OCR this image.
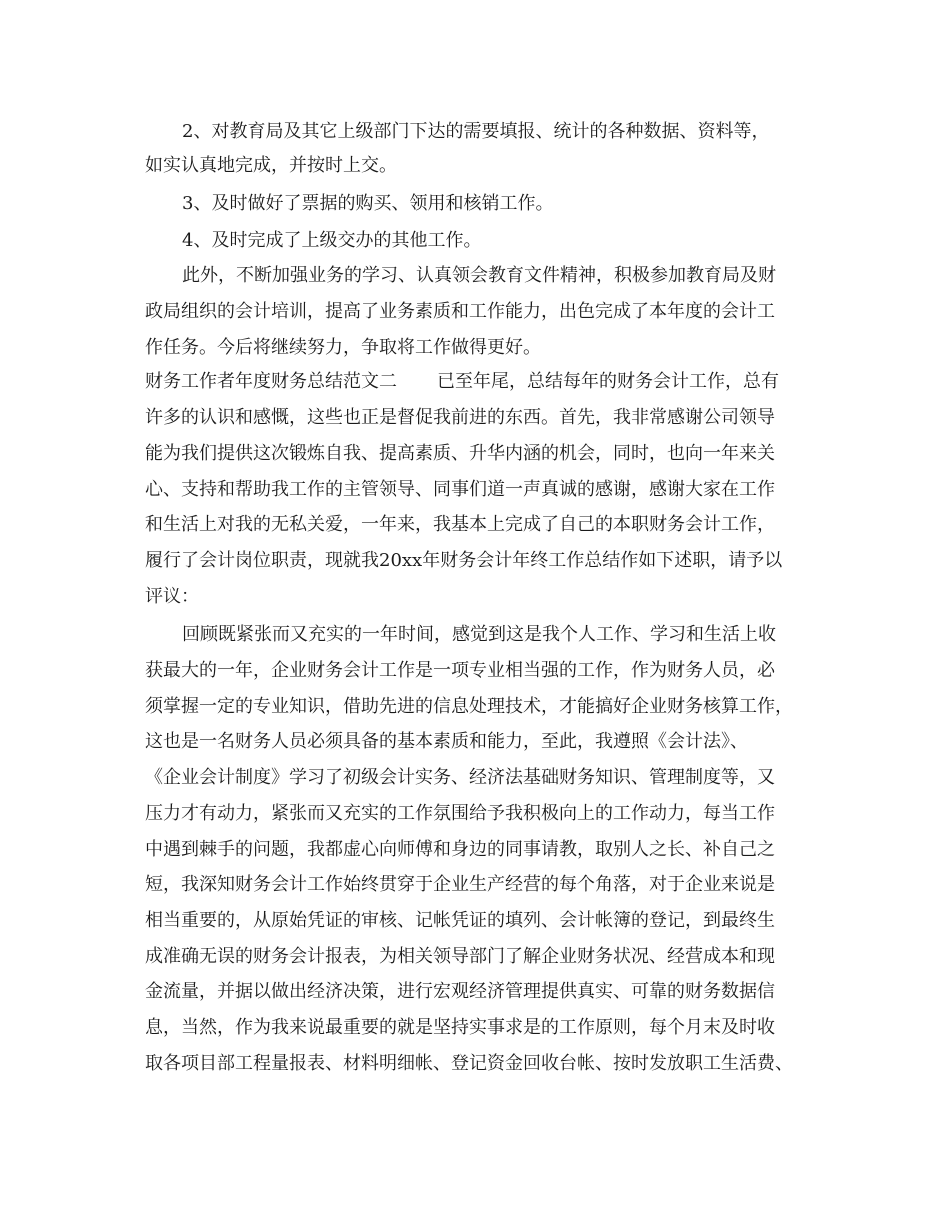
2、对教育局及其它上级部门下达的需要填报、统计的各种数据、资料等，

如实认真地完成，并按时上交。

3、及时做好了票据的购买、领用和核销工作。

4、及时完成了上级交办的其他工作。

此外，不断加强业务的学习、认真领会教育文件精神，积极参加教育局及财

政局组织的会计培训，提高了业务素质和工作能力，出色完成了本年度的会计工

作任务。今后将继续努力，争取将工作做得更好。

财务工作者年度财务总结范文二 已至年尾，总结每年的财务会计工作，总有

许多的认识和感慨，这些也正是督促我前进的东西。首先，我非常感谢公司领导

能为我们提供这次锻炼自我、提高素质、升华内涵的机会，同时，也向一年来关

心、支持和帮助我工作的主管领导、同事们道一声真诚的感谢，感谢大家在工作

和生活上对我的无私关爱，一年来，我基本上完成了自己的本职财务会计工作，

履行了会计岗位职责，现就我20xx年财务会计年终工作总结作如下述职，请予以

评议：

回顾既紧张而又充实的一年时间，感觉到这是我个人工作、学习和生活上收

获最大的一年，企业财务会计工作是一项专业相当强的工作，作为财务人员，必

须掌握一定的专业知识，借助先进的信息处理技术，才能搞好企业财务核算工作，

这也是一名财务人员必须具备的基本素质和能力，至此，我遵照《会计法》、

《企业会计制度》学习了初级会计实务、经济法基础财务知识、管理制度等，又

压力才有动力，紧张而又充实的工作氛围给予我积极向上的工作动力，每当工作

中遇到棘手的问题，我都虚心向师傅和身边的同事请教，取别人之长、补自己之

短，我深知财务会计工作始终贯穿于企业生产经营的每个角落，对于企业来说是

相当重要的，从原始凭证的审核、记帐凭证的填列、会计帐簿的登记，到最终生

成准确无误的财务会计报表，为相关领导部门了解企业财务状况、经营成本和现

金流量，并据以做出经济决策，进行宏观经济管理提供真实、可靠的财务数据信

息，当然，作为我来说最重要的就是坚持实事求是的工作原则，每个月末及时收

取各项目部工程量报表、材料明细帐、登记资金回收台帐、按时发放职工生活费、
